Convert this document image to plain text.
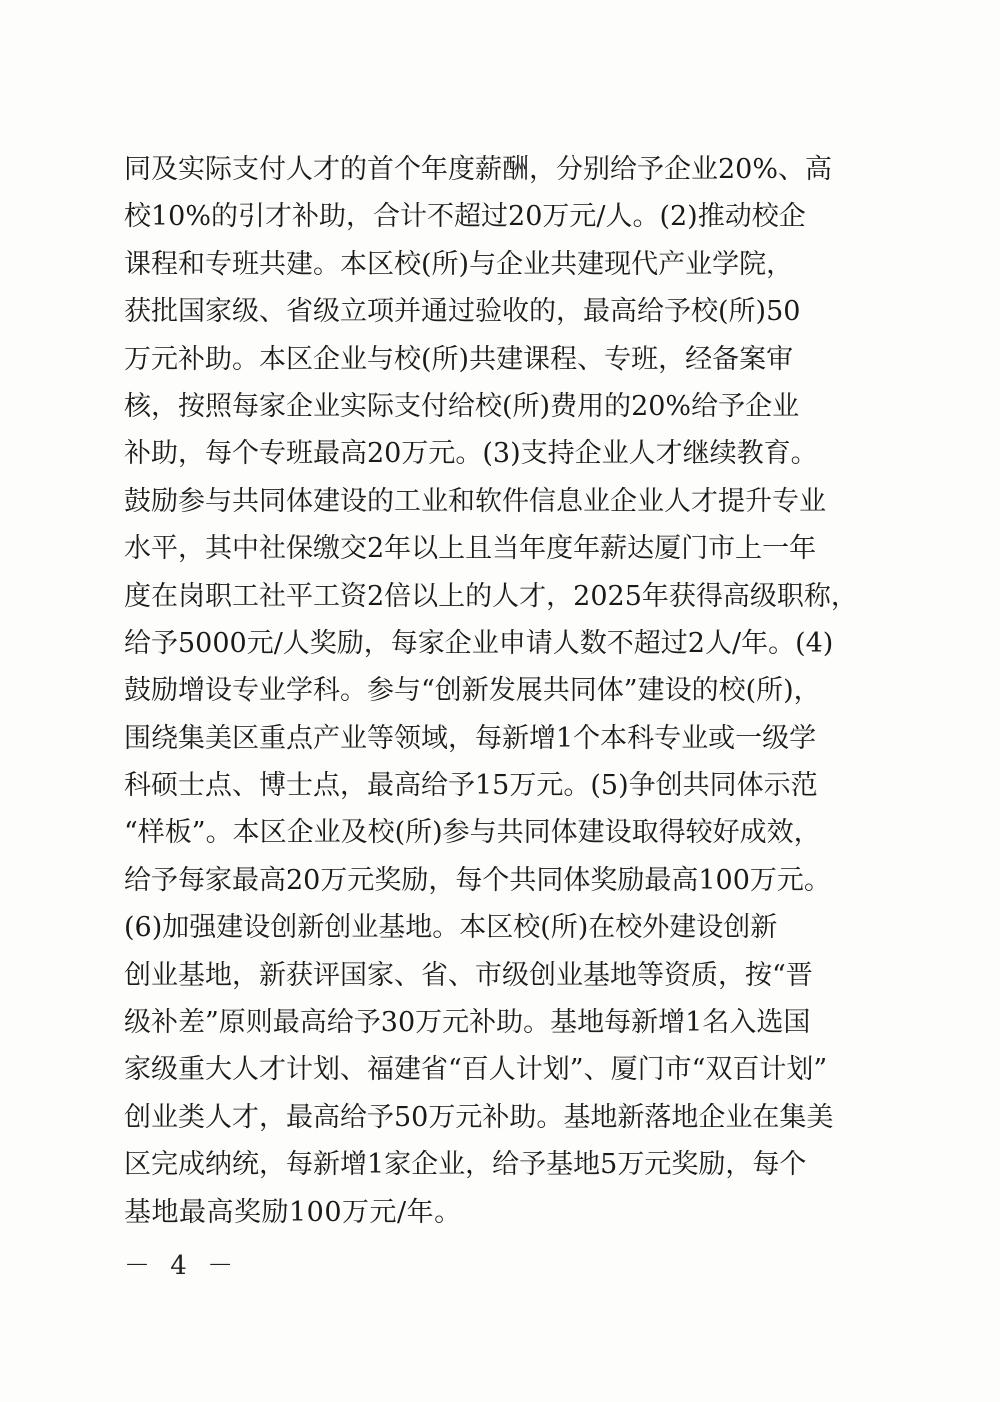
同及实际支付人才的首个年度薪酬，分别给予企业20%、高
校10%的引才补助，合计不超过20万元/人。(2)推动校企
课程和专班共建。本区校(所)与企业共建现代产业学院，
获批国家级、省级立项并通过验收的，最高给予校(所)50
万元补助。本区企业与校(所)共建课程、专班，经备案审
核，按照每家企业实际支付给校(所)费用的20%给予企业
补助，每个专班最高20万元。(3)支持企业人才继续教育。
鼓励参与共同体建设的工业和软件信息业企业人才提升专业
水平，其中社保缴交2年以上且当年度年薪达厦门市上一年
度在岗职工社平工资2倍以上的人才，2025年获得高级职称，
给予5000元/人奖励，每家企业申请人数不超过2人/年。(4)
鼓励增设专业学科。参与“创新发展共同体”建设的校(所)，
围绕集美区重点产业等领域，每新增1个本科专业或一级学
科硕士点、博士点，最高给予15万元。(5)争创共同体示范
“样板”。本区企业及校(所)参与共同体建设取得较好成效，
给予每家最高20万元奖励，每个共同体奖励最高100万元。
(6)加强建设创新创业基地。本区校(所)在校外建设创新
创业基地，新获评国家、省、市级创业基地等资质，按“晋
级补差”原则最高给予30万元补助。基地每新增1名入选国
家级重大人才计划、福建省“百人计划”、厦门市“双百计划”
创业类人才，最高给予50万元补助。基地新落地企业在集美
区完成纳统，每新增1家企业，给予基地5万元奖励，每个
基地最高奖励100万元/年。
－ 4 －
